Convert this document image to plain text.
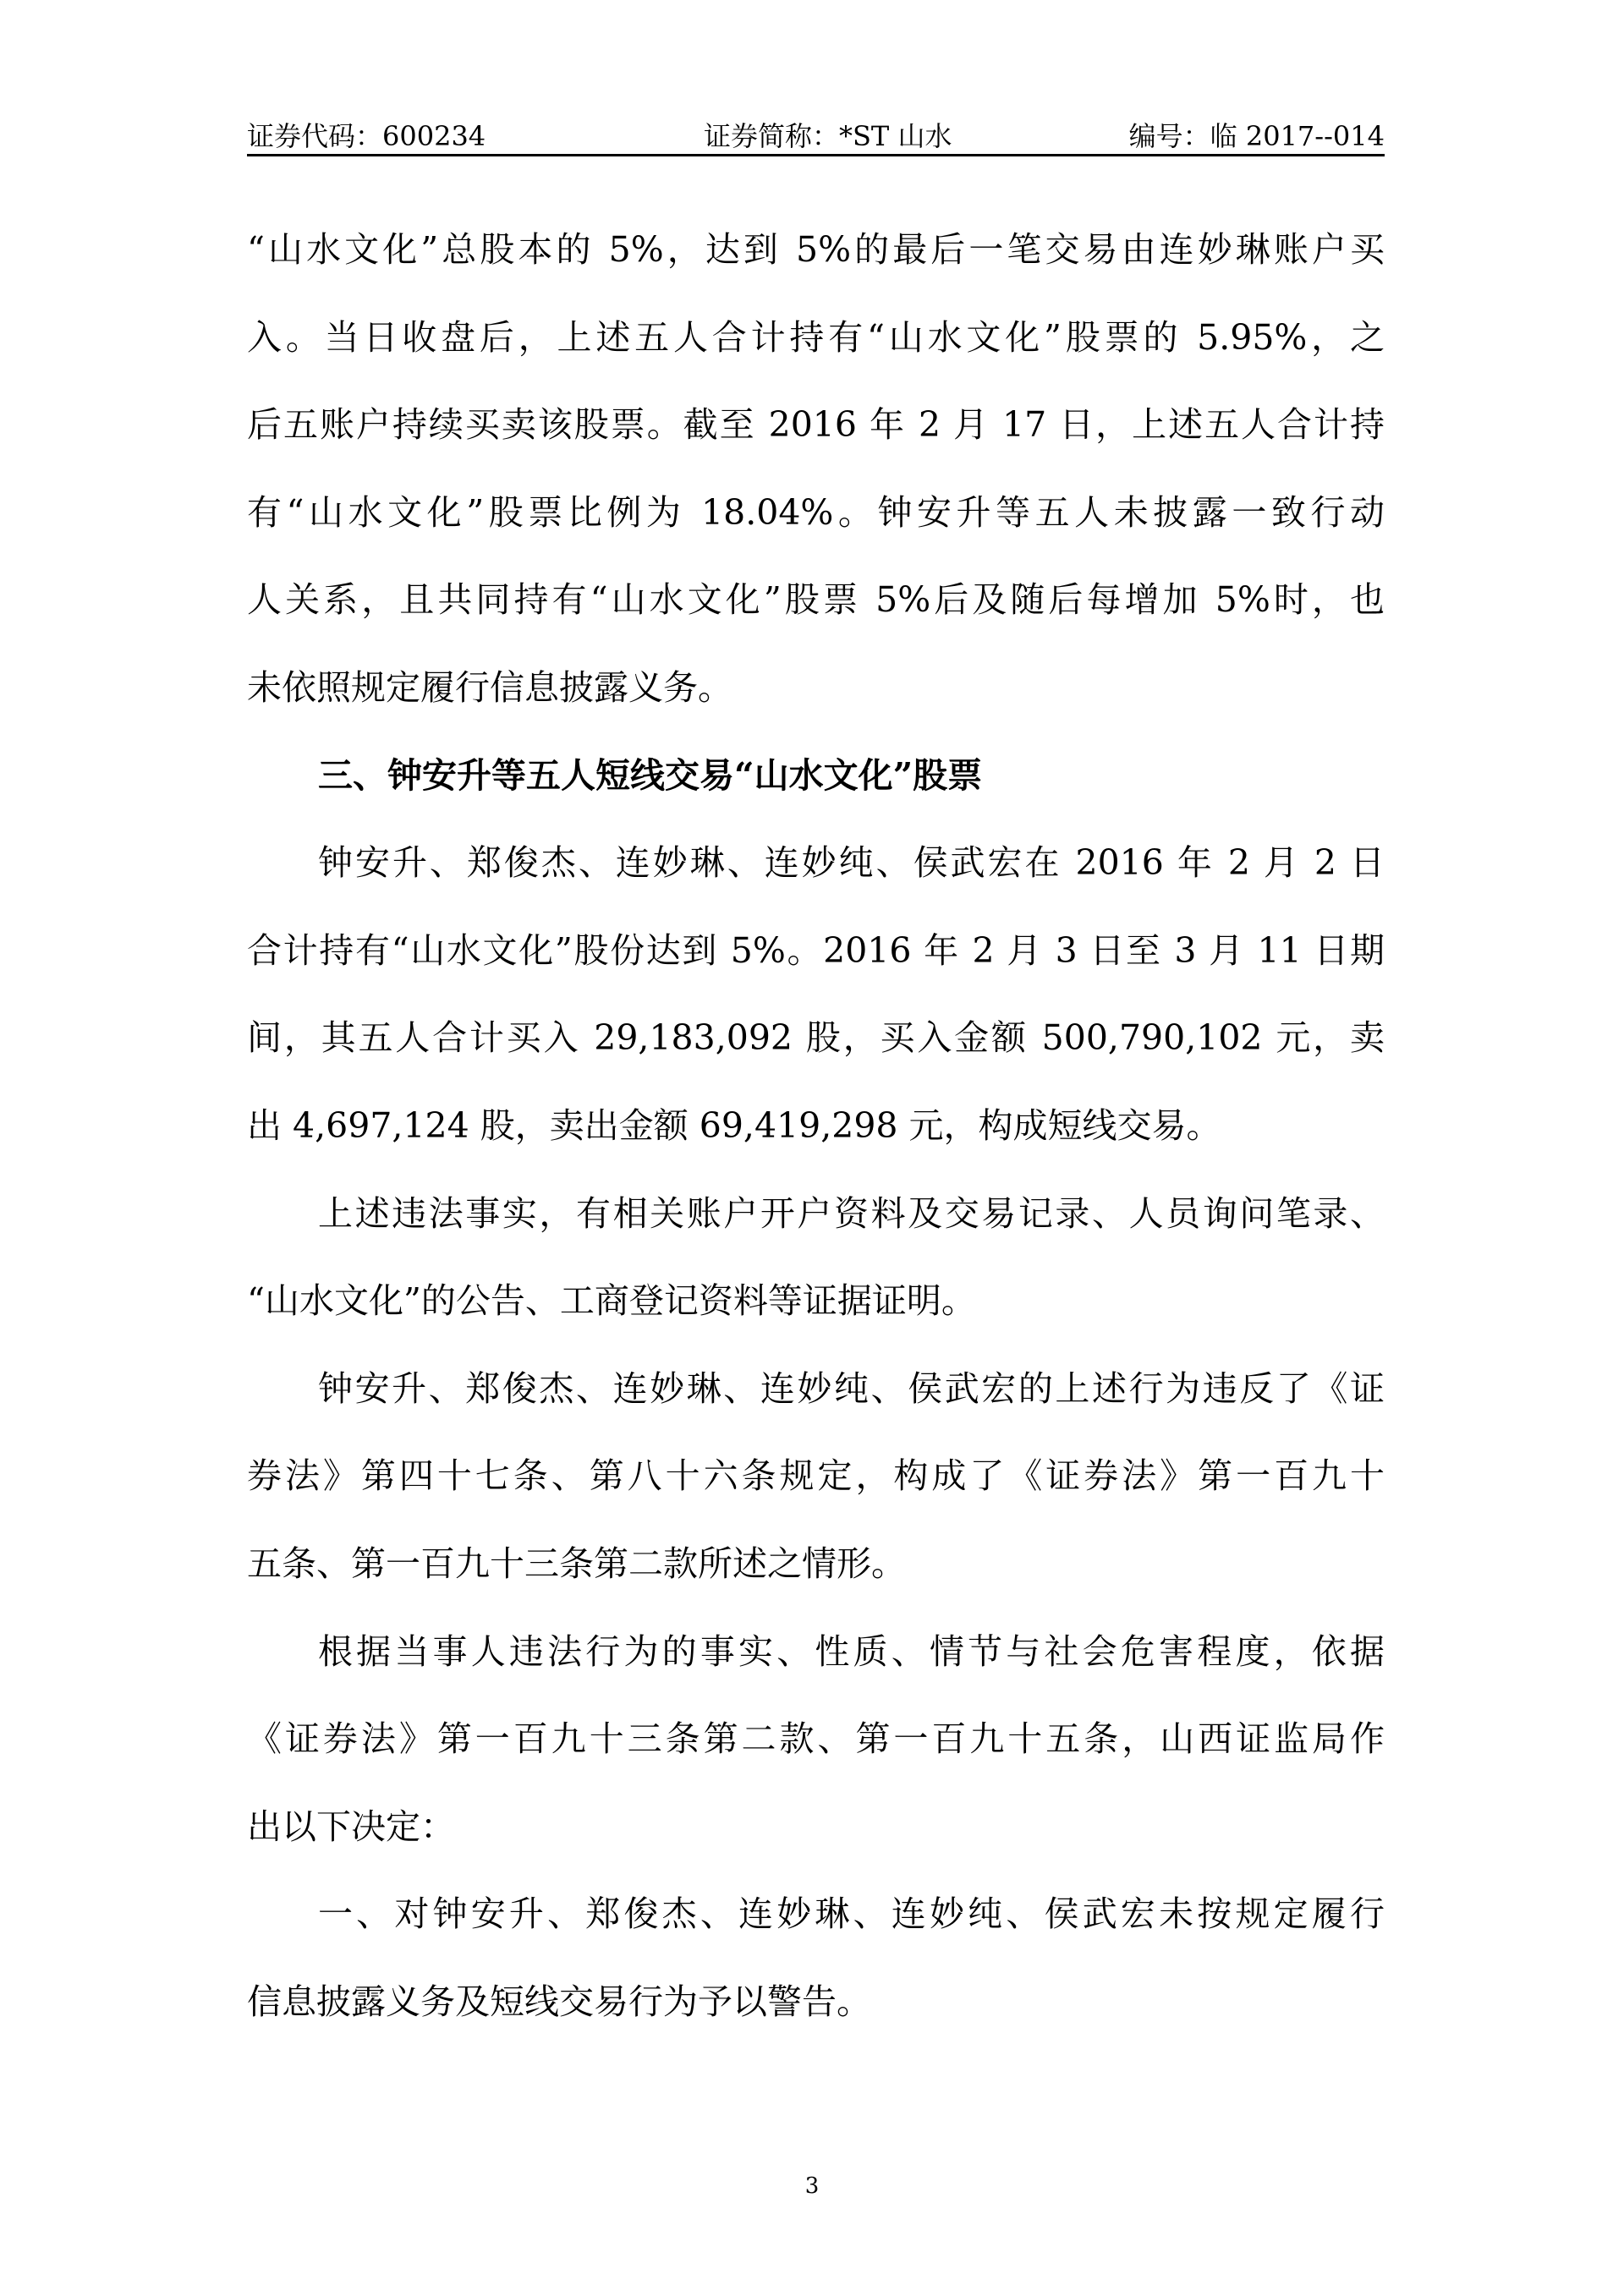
证券代码：600234	证券简称：*ST 山水	编号：临 2017--014
“山水文化”总股本的 5%，达到 5%的最后一笔交易由连妙琳账户买
入。当日收盘后，上述五人合计持有“山水文化”股票的 5.95%，之
后五账户持续买卖该股票。截至 2016 年 2 月 17 日，上述五人合计持
有“山水文化”股票比例为 18.04%。钟安升等五人未披露一致行动
人关系，且共同持有“山水文化”股票 5%后及随后每增加 5%时，也
未依照规定履行信息披露义务。
三、钟安升等五人短线交易“山水文化”股票
钟安升、郑俊杰、连妙琳、连妙纯、侯武宏在 2016 年 2 月 2 日
合计持有“山水文化”股份达到 5%。2016 年 2 月 3 日至 3 月 11 日期
间，其五人合计买入 29,183,092 股，买入金额 500,790,102 元，卖
出 4,697,124 股，卖出金额 69,419,298 元，构成短线交易。
上述违法事实，有相关账户开户资料及交易记录、人员询问笔录、
“山水文化”的公告、工商登记资料等证据证明。
钟安升、郑俊杰、连妙琳、连妙纯、侯武宏的上述行为违反了《证
券法》第四十七条、第八十六条规定，构成了《证券法》第一百九十
五条、第一百九十三条第二款所述之情形。
根据当事人违法行为的事实、性质、情节与社会危害程度，依据
《证券法》第一百九十三条第二款、第一百九十五条，山西证监局作
出以下决定：
一、对钟安升、郑俊杰、连妙琳、连妙纯、侯武宏未按规定履行
信息披露义务及短线交易行为予以警告。
3
